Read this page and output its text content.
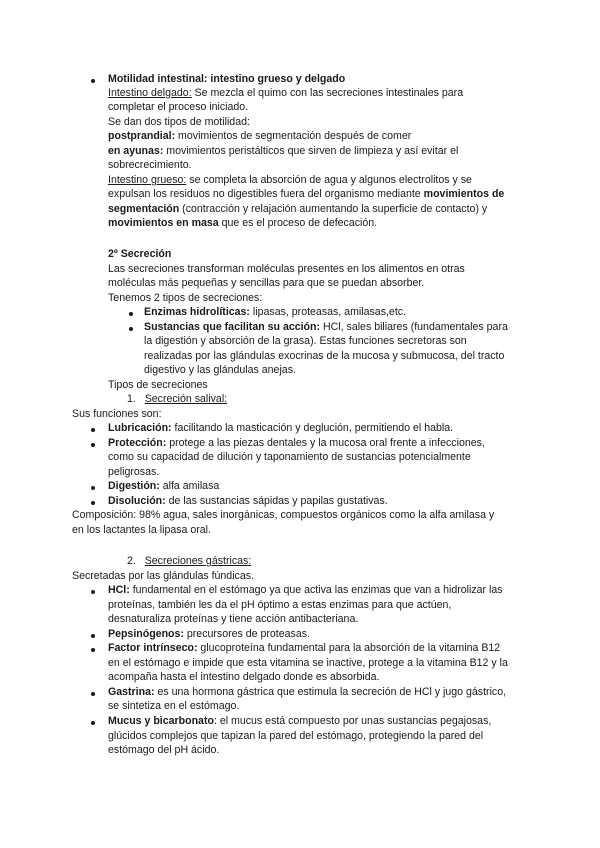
Motilidad intestinal: intestino grueso y delgado
Intestino delgado: Se mezcla el quimo con las secreciones intestinales para
completar el proceso iniciado.
Se dan dos tipos de motilidad:
postprandial: movimientos de segmentación después de comer
en ayunas: movimientos peristálticos que sirven de limpieza y así evitar el
sobrecrecimiento.
Intestino grueso: se completa la absorción de agua y algunos electrolitos y se
expulsan los residuos no digestibles fuera del organismo mediante movimientos de
segmentación (contracción y relajación aumentando la superficie de contacto) y
movimientos en masa que es el proceso de defecación.
2º Secreción
Las secreciones transforman moléculas presentes en los alimentos en otras
moléculas más pequeñas y sencillas para que se puedan absorber.
Tenemos 2 tipos de secreciones:
Enzimas hidrolíticas: lipasas, proteasas, amilasas,etc.
Sustancias que facilitan su acción: HCl, sales biliares (fundamentales para
la digestión y absorción de la grasa). Estas funciones secretoras son
realizadas por las glándulas exocrinas de la mucosa y submucosa, del tracto
digestivo y las glándulas anejas.
Tipos de secreciones
1. Secreción salival:
Sus funciones son:
Lubricación: facilitando la masticación y deglución, permitiendo el habla.
Protección: protege a las piezas dentales y la mucosa oral frente a infecciones,
como su capacidad de dilución y taponamiento de sustancias potencialmente
peligrosas.
Digestión: alfa amilasa
Disolución: de las sustancias sápidas y papilas gustativas.
Composición: 98% agua, sales inorgánicas, compuestos orgánicos como la alfa amilasa y
en los lactantes la lipasa oral.
2. Secreciones gástricas:
Secretadas por las glándulas fúndicas.
HCl: fundamental en el estómago ya que activa las enzimas que van a hidrolizar las
proteínas, también les da el pH óptimo a estas enzimas para que actúen,
desnaturaliza proteínas y tiene acción antibacteriana.
Pepsinógenos: precursores de proteasas.
Factor intrínseco: glucoproteína fundamental para la absorción de la vitamina B12
en el estómago e impide que esta vitamina se inactive, protege a la vitamina B12 y la
acompaña hasta el intestino delgado donde es absorbida.
Gastrina: es una hormona gástrica que estimula la secreción de HCl y jugo gástrico,
se sintetiza en el estómago.
Mucus y bicarbonato: el mucus está compuesto por unas sustancias pegajosas,
glúcidos complejos que tapizan la pared del estómago, protegiendo la pared del
estómago del pH ácido.
